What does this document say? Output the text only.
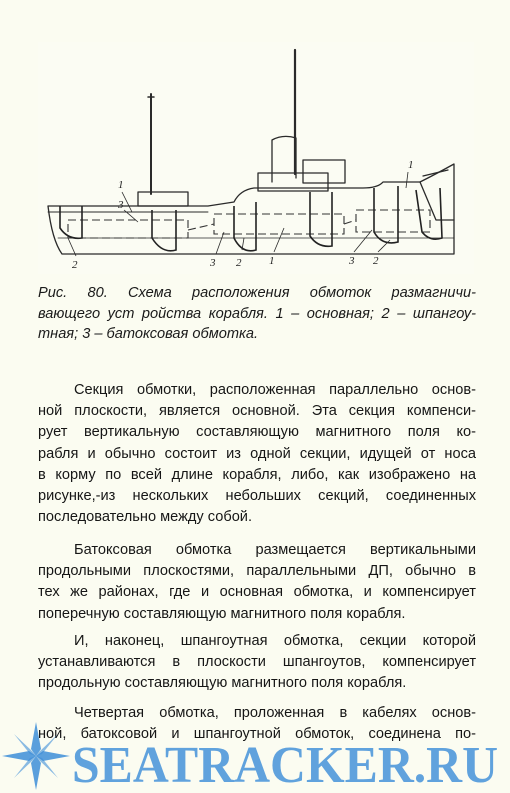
1
3
2	3 2	1	3 2
1
Рис. 80. Схема расположения обмоток размагничи-
вающего уст ройства корабля. 1 – основная; 2 – шпангоу-
тная; 3 – батоксовая обмотка.
Секция обмотки, расположенная параллельно основ-
ной плоскости, является основной. Эта секция компенси-
рует вертикальную составляющую магнитного поля ко-
рабля и обычно состоит из одной секции, идущей от носа
в корму по всей длине корабля, либо, как изображено на
рисунке,-из нескольких небольших секций, соединенных
последовательно между собой.
Батоксовая обмотка размещается вертикальными
продольными плоскостями, параллельными ДП, обычно в
тех же районах, где и основная обмотка, и компенсирует
поперечную составляющую магнитного поля корабля.
И, наконец, шпангоутная обмотка, секции которой
устанавливаются в плоскости шпангоутов, компенсирует
продольную составляющую магнитного поля корабля.
Четвертая обмотка, проложенная в кабелях основ-
ной, батоксовой и шпангоутной обмоток, соединена по-
SEATRACKER.RU
